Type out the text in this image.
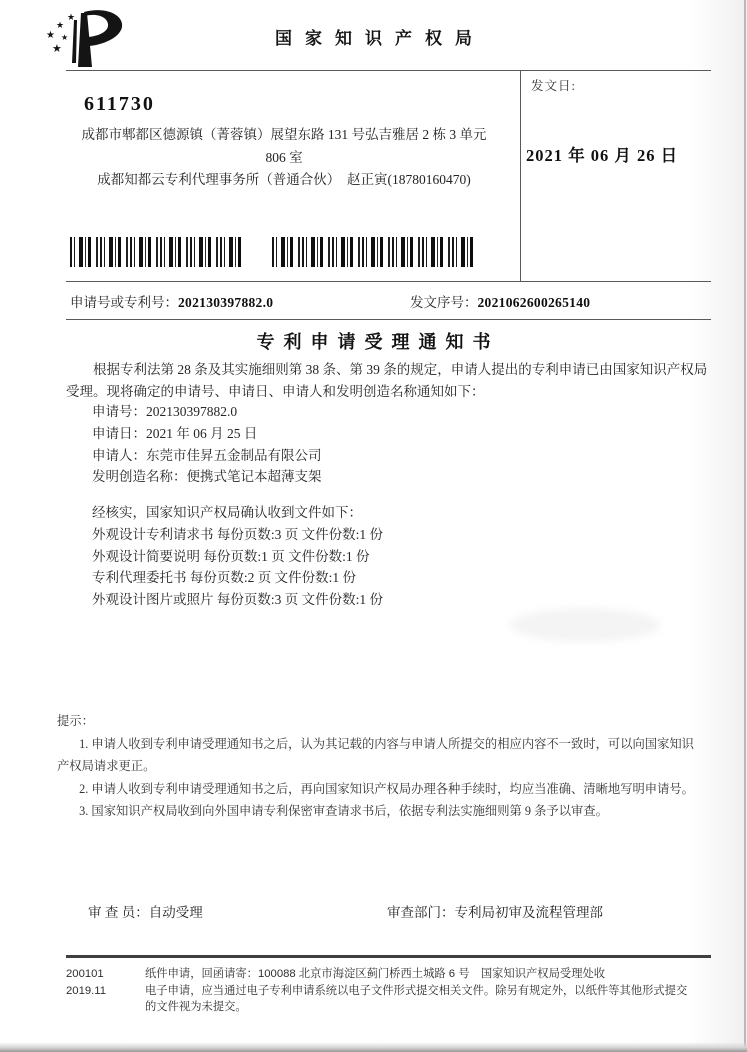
★
★
★ ★
★
国家知识产权局
611730
成都市郫都区德源镇（菁蓉镇）展望东路 131 号弘吉雅居 2 栋 3 单元
806 室
成都知都云专利代理事务所（普通合伙）　赵正寅(18780160470)
发文日:
2021 年 06 月 26 日
申请号或专利号：202130397882.0	发文序号：2021062600265140
专利申请受理通知书
根据专利法第 28 条及其实施细则第 38 条、第 39 条的规定，申请人提出的专利申请已由国家知识产权局受理。现将确定的申请号、申请日、申请人和发明创造名称通知如下：
申请号：202130397882.0
申请日：2021 年 06 月 25 日
申请人：东莞市佳昇五金制品有限公司
发明创造名称：便携式笔记本超薄支架
经核实，国家知识产权局确认收到文件如下：
外观设计专利请求书 每份页数:3 页 文件份数:1 份
外观设计简要说明 每份页数:1 页 文件份数:1 份
专利代理委托书 每份页数:2 页 文件份数:1 份
外观设计图片或照片 每份页数:3 页 文件份数:1 份

提示：

1. 申请人收到专利申请受理通知书之后，认为其记载的内容与申请人所提交的相应内容不一致时，可以向国家知识产权局请求更正。

2. 申请人收到专利申请受理通知书之后，再向国家知识产权局办理各种手续时，均应当准确、清晰地写明申请号。

3. 国家知识产权局收到向外国申请专利保密审查请求书后，依据专利法实施细则第 9 条予以审查。

审 查 员：自动受理	审查部门：专利局初审及流程管理部
200101
2019.11

纸件申请，回函请寄：100088 北京市海淀区蓟门桥西土城路 6 号　国家知识产权局受理处收

电子申请，应当通过电子专利申请系统以电子文件形式提交相关文件。除另有规定外，以纸件等其他形式提交的文件视为未提交。
